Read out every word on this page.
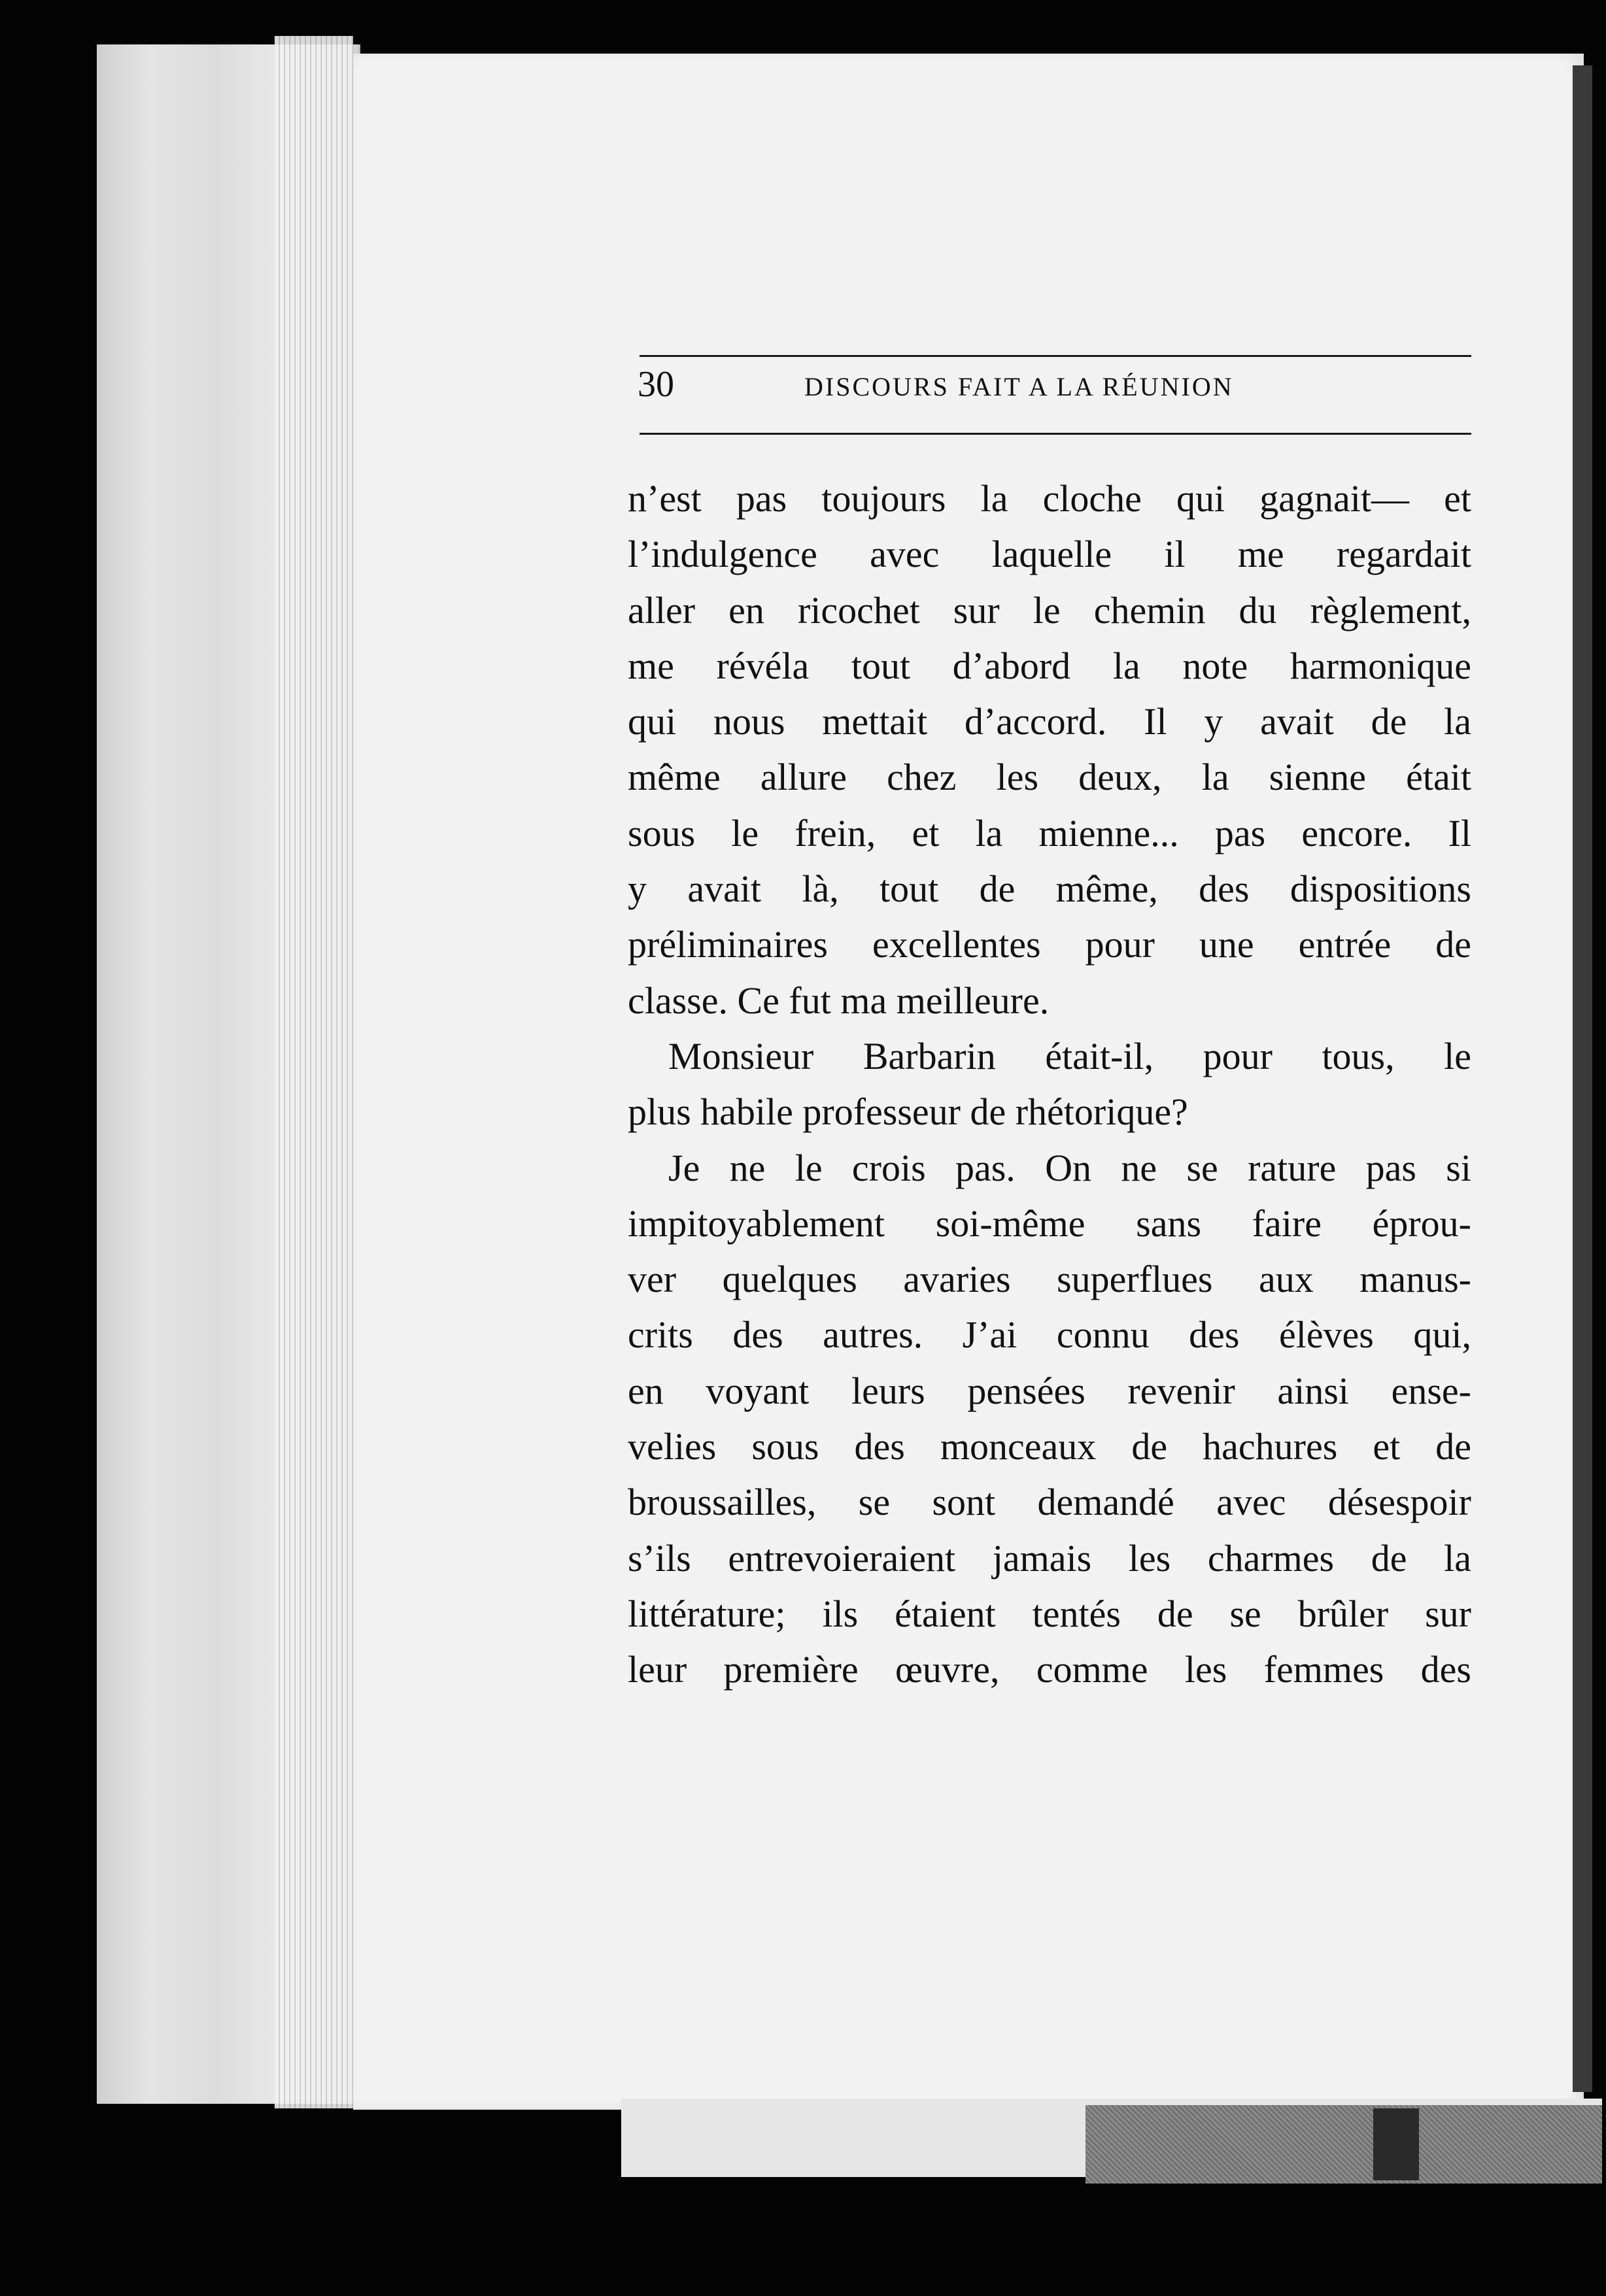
30	DISCOURS FAIT A LA RÉUNION
n’est pas toujours la cloche qui gagnait— et
l’indulgence avec laquelle il me regardait
aller en ricochet sur le chemin du règlement,
me révéla tout d’abord la note harmonique
qui nous mettait d’accord. Il y avait de la
même allure chez les deux, la sienne était
sous le frein, et la mienne... pas encore. Il
y avait là, tout de même, des dispositions
préliminaires excellentes pour une entrée de
classe. Ce fut ma meilleure.
Monsieur Barbarin était-il, pour tous, le
plus habile professeur de rhétorique?
Je ne le crois pas. On ne se rature pas si
impitoyablement soi-même sans faire éprou-
ver quelques avaries superflues aux manus-
crits des autres. J’ai connu des élèves qui,
en voyant leurs pensées revenir ainsi ense-
velies sous des monceaux de hachures et de
broussailles, se sont demandé avec désespoir
s’ils entrevoieraient jamais les charmes de la
littérature; ils étaient tentés de se brûler sur
leur première œuvre, comme les femmes des
